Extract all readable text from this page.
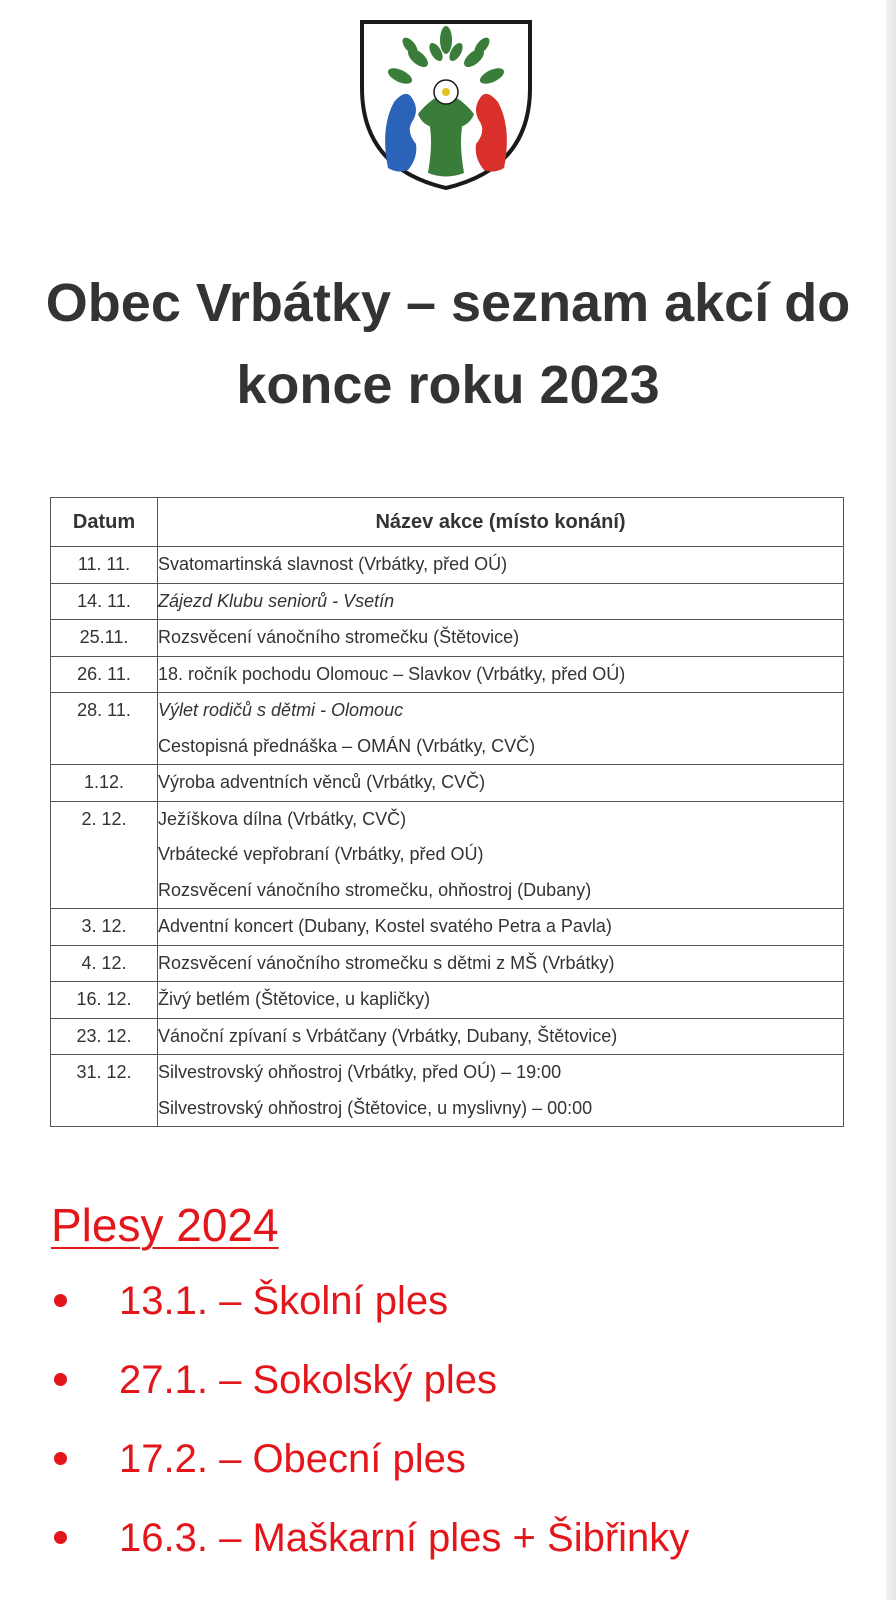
Obec Vrbátky – seznam akcí do konce roku 2023
Datum	Název akce (místo konání)

11. 11.	Svatomartinská slavnost (Vrbátky, před OÚ)

14. 11.	Zájezd Klubu seniorů - Vsetín

25.11.	Rozsvěcení vánočního stromečku (Štětovice)

26. 11.	18. ročník pochodu Olomouc – Slavkov (Vrbátky, před OÚ)

28. 11.	Výlet rodičů s dětmi - Olomouc
Cestopisná přednáška – OMÁN (Vrbátky, CVČ)

1.12.	Výroba adventních věnců (Vrbátky, CVČ)

2. 12.	Ježíškova dílna (Vrbátky, CVČ)
Vrbátecké vepřobraní (Vrbátky, před OÚ)
Rozsvěcení vánočního stromečku, ohňostroj (Dubany)

3. 12.	Adventní koncert (Dubany, Kostel svatého Petra a Pavla)

4. 12.	Rozsvěcení vánočního stromečku s dětmi z MŠ (Vrbátky)

16. 12.	Živý betlém (Štětovice, u kapličky)

23. 12.	Vánoční zpívaní s Vrbátčany (Vrbátky, Dubany, Štětovice)

31. 12.	Silvestrovský ohňostroj (Vrbátky, před OÚ) – 19:00
Silvestrovský ohňostroj (Štětovice, u myslivny) – 00:00
Plesy 2024
13.1. – Školní ples
27.1. – Sokolský ples
17.2. – Obecní ples
16.3. – Maškarní ples + Šibřinky
